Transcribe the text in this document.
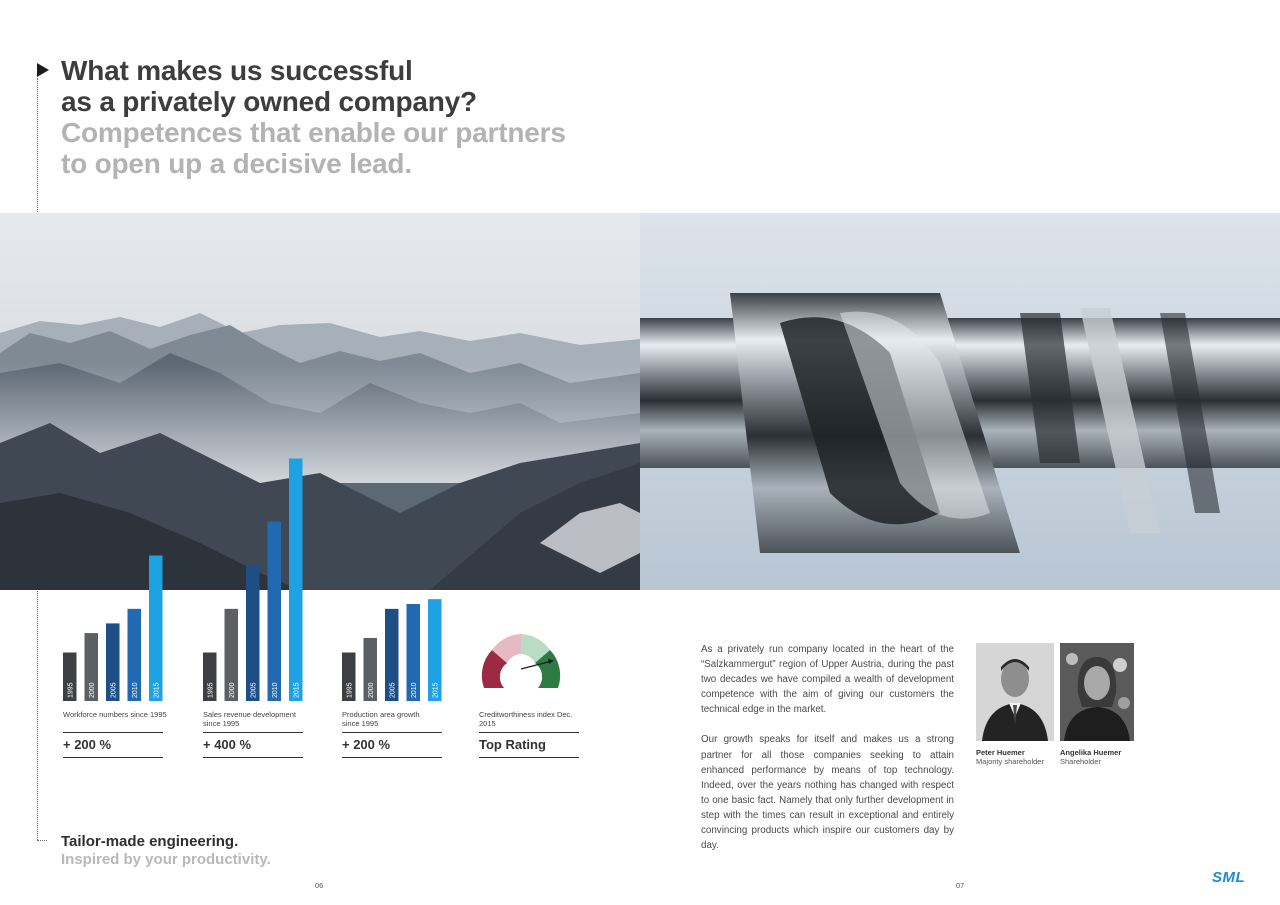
What makes us successful
as a privately owned company?
Competences that enable our partners
to open up a decisive lead.
1995 2000 2005 2010 2015	1995 2000 2005 2010 2015	1995 2000 2005 2010 2015
Workforce numbers since 1995
+ 200 %
Sales revenue development since 1995
+ 400 %
Production area growth since 1995
+ 200 %
Creditworthiness index Dec. 2015
Top Rating
Tailor-made engineering.
Inspired by your productivity.
06	07

As a privately run company located in the heart of the “Salzkammergut” region of Upper Austria, during the past two decades we have compiled a wealth of development competence with the aim of giving our customers the technical edge in the market.

Our growth speaks for itself and makes us a strong partner for all those companies seeking to attain enhanced performance by means of top technology. Indeed, over the years nothing has changed with respect to one basic fact. Namely that only further development in step with the times can result in exceptional and entirely convincing products which inspire our customers day by day.

Peter Huemer
Majority shareholder
Angelika Huemer
Shareholder
SML
